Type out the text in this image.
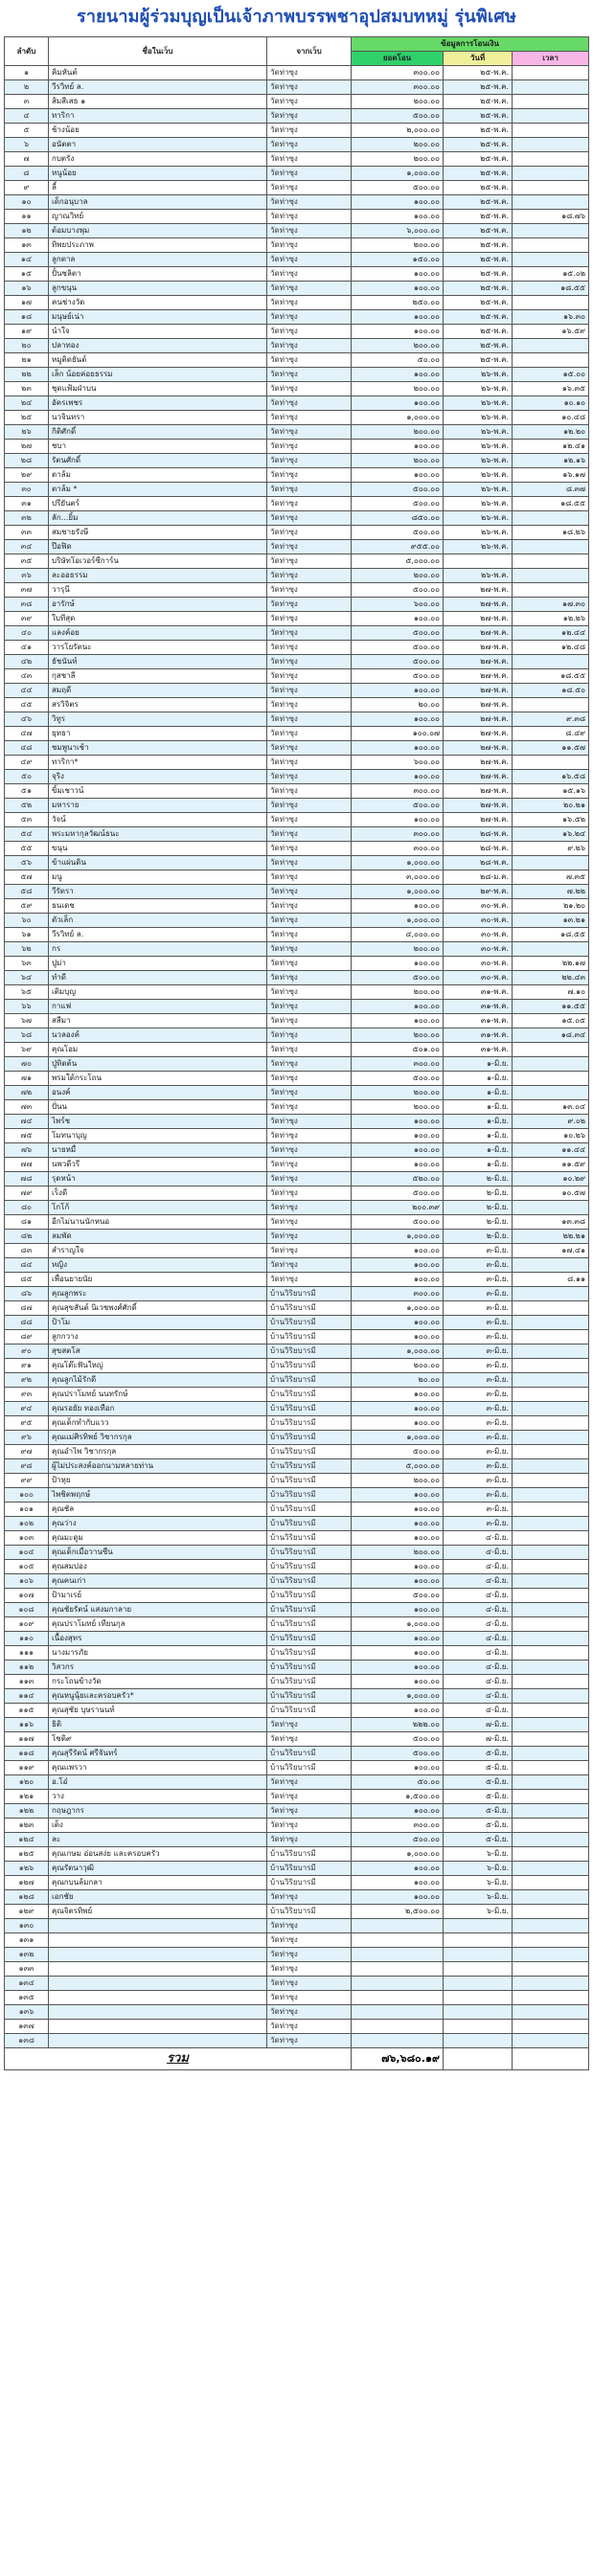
รายนามผู้ร่วมบุญเป็นเจ้าภาพบรรพชาอุปสมบทหมู่ รุ่นพิเศษ
ลำดับ	ชื่อในเว็บ	จากเว็บ	ข้อมูลการโอนเงิน		
			ยอดโอน	วันที่	เวลา
๑	คิมหันต์	วัดท่าซุง	๓๐๐.๐๐	๒๕-พ.ค.	
๒	วีรวิทย์ ล.	วัดท่าซุง	๓๐๐.๐๐	๒๕-พ.ค.	
๓	ส้มสีเสธ ๑	วัดท่าซุง	๒๐๐.๐๐	๒๕-พ.ค.	
๔	ทาริกา	วัดท่าซุง	๕๐๐.๐๐	๒๕-พ.ค.	
๕	ช้างน้อย	วัดท่าซุง	๒,๐๐๐.๐๐	๒๕-พ.ค.	
๖	อนัตตา	วัดท่าซุง	๒๐๐.๐๐	๒๕-พ.ค.	
๗	กบตรัง	วัดท่าซุง	๒๐๐.๐๐	๒๕-พ.ค.	
๘	หนูน้อย	วัดท่าซุง	๑,๐๐๐.๐๐	๒๕-พ.ค.	
๙	ลี้	วัดท่าซุง	๕๐๐.๐๐	๒๕-พ.ค.	
๑๐	เด็กอนุบาล	วัดท่าซุง	๑๐๐.๐๐	๒๕-พ.ค.	
๑๑	ญาณวิทย์	วัดท่าซุง	๑๐๐.๐๐	๒๕-พ.ค.	๑๘.๗๖
๑๒	ต้อมบางพุม	วัดท่าซุง	๖,๐๐๐.๐๐	๒๕-พ.ค.	
๑๓	ทิพยประภาพ	วัดท่าซุง	๒๐๐.๐๐	๒๕-พ.ค.	
๑๔	ลูกตาล	วัดท่าซุง	๑๕๐.๐๐	๒๕-พ.ค.	
๑๕	ปั้นชลิตา	วัดท่าซุง	๑๐๐.๐๐	๒๕-พ.ค.	๑๕.๐๒
๑๖	ลูกขนุน	วัดท่าซุง	๑๐๐.๐๐	๒๕-พ.ค.	๑๘.๕๕
๑๗	คนช่างวัด	วัดท่าซุง	๒๕๐.๐๐	๒๕-พ.ค.	
๑๘	มนุษย์เน่า	วัดท่าซุง	๑๐๐.๐๐	๒๕-พ.ค.	๑๖.๓๐
๑๙	นำใจ	วัดท่าซุง	๑๐๐.๐๐	๒๕-พ.ค.	๑๖.๕๙
๒๐	ปลาทอง	วัดท่าซุง	๒๐๐.๐๐	๒๕-พ.ค.	
๒๑	หมูติดยันต์	วัดท่าซุง	๕๐.๐๐	๒๕-พ.ค.	
๒๒	เล็ก น้อยค่อยธรรม	วัดท่าซุง	๑๐๐.๐๐	๒๖-พ.ค.	๑๕.๐๐
๒๓	ชุดแฟ้มฝ่าบน	วัดท่าซุง	๒๐๐.๐๐	๒๖-พ.ค.	๑๖.๓๕
๒๔	อัครเพชร	วัดท่าซุง	๑๐๐.๐๐	๒๖-พ.ค.	๑๐.๑๐
๒๕	นวจินทรา	วัดท่าซุง	๑,๐๐๐.๐๐	๒๖-พ.ค.	๑๐.๔๘
๒๖	กิติศักดิ์	วัดท่าซุง	๒๐๐.๐๐	๒๖-พ.ค.	๑๒.๒๐
๒๗	ชบา	วัดท่าซุง	๑๐๐.๐๐	๒๖-พ.ค.	๑๒.๔๑
๒๘	รัตนศักดิ์	วัดท่าซุง	๒๐๐.๐๐	๒๖-พ.ค.	๑๒.๑๖
๒๙	ตาล้ม	วัดท่าซุง	๑๐๐.๐๐	๒๖-พ.ค.	๑๖.๑๗
๓๐	ตาล้ม *	วัดท่าซุง	๕๐๐.๐๐	๒๖-พ.ค.	๘.๓๗
๓๑	ปรียันตร์	วัดท่าซุง	๕๐๐.๐๐	๒๖-พ.ค.	๑๘.๕๕
๓๒	ลัก...ยิ้ม	วัดท่าซุง	๘๕๐.๐๐	๒๖-พ.ค.	
๓๓	สมชายรังษี	วัดท่าซุง	๕๐๐.๐๐	๒๖-พ.ค.	๑๘.๒๖
๓๔	ป๊อฟิด	วัดท่าซุง	๙๕๕.๐๐	๒๖-พ.ค.	
๓๕	บริษัทโอเวอร์ซีการ์น	วัดท่าซุง	๕,๐๐๐.๐๐		
๓๖	ละออธรรม	วัดท่าซุง	๒๐๐.๐๐	๒๖-พ.ค.	
๓๗	วารุนี	วัดท่าซุง	๕๐๐.๐๐	๒๗-พ.ค.	
๓๘	อารักษ์	วัดท่าซุง	๖๐๐.๐๐	๒๗-พ.ค.	๑๗.๓๐
๓๙	ใบทีสุด	วัดท่าซุง	๑๐๐.๐๐	๒๗-พ.ค.	๑๒.๒๖
๔๐	แลงค์อย	วัดท่าซุง	๕๐๐.๐๐	๒๗-พ.ค.	๑๒.๔๔
๔๑	วารโยรัตนะ	วัดท่าซุง	๕๐๐.๐๐	๒๗-พ.ค.	๑๒.๔๘
๔๒	ธัชนันท์	วัดท่าซุง	๕๐๐.๐๐	๒๗-พ.ค.	
๔๓	กุสชาลี	วัดท่าซุง	๕๐๐.๐๐	๒๗-พ.ค.	๑๘.๕๕
๔๔	สมฤดี	วัดท่าซุง	๑๐๐.๐๐	๒๗-พ.ค.	๑๘.๕๐
๔๕	สรวิจิตร	วัดท่าซุง	๒๐.๐๐	๒๗-พ.ค.	
๔๖	วิทูร	วัดท่าซุง	๑๐๐.๐๐	๒๗-พ.ค.	๙.๓๘
๔๗	ยุทธา	วัดท่าซุง	๑๐๐.๐๗	๒๗-พ.ค.	๘.๔๙
๔๘	ชมพูนาเช้า	วัดท่าซุง	๑๐๐.๐๐	๒๗-พ.ค.	๑๑.๕๗
๔๙	ทาริกา*	วัดท่าซุง	๖๐๐.๐๐	๒๗-พ.ค.	
๕๐	จุริง	วัดท่าซุง	๑๐๐.๐๐	๒๗-พ.ค.	๑๖.๕๘
๕๑	ขิ้มเชาวน์	วัดท่าซุง	๓๐๐.๐๐	๒๗-พ.ค.	๑๕.๑๖
๕๒	มหาราย	วัดท่าซุง	๕๐๐.๐๐	๒๗-พ.ค.	๒๐.๒๑
๕๓	วัจน์	วัดท่าซุง	๑๐๐.๐๐	๒๗-พ.ค.	๑๖.๕๒
๕๔	พระมหากุลวัฒน์ธนะ	วัดท่าซุง	๓๐๐.๐๐	๒๘-พ.ค.	๑๖.๒๔
๕๕	ขนุน	วัดท่าซุง	๓๐๐.๐๐	๒๘-พ.ค.	๙.๒๖
๕๖	ข้าแผ่นดิน	วัดท่าซุง	๑,๐๐๐.๐๐	๒๘-พ.ค.	
๕๗	มนู	วัดท่าซุง	๓,๐๐๐.๐๐	๒๘-ม.ค.	๗.๓๕
๕๘	วีรัตรา	วัดท่าซุง	๑,๐๐๐.๐๐	๒๙-พ.ค.	๗.๒๒
๕๙	ธนเดช	วัดท่าซุง	๑๐๐.๐๐	๓๐-พ.ค.	๒๑.๒๐
๖๐	ตัวเล็ก	วัดท่าซุง	๑,๐๐๐.๐๐	๓๐-พ.ค.	๑๓.๒๑
๖๑	วีรวิทย์ ล.	วัดท่าซุง	๔,๐๐๐.๐๐	๓๐-พ.ค.	๑๘.๕๕
๖๒	กร	วัดท่าซุง	๒๐๐.๐๐	๓๐-พ.ค.	
๖๓	ปูม่า	วัดท่าซุง	๑๐๐.๐๐	๓๐-พ.ค.	๒๒.๑๗
๖๔	ทำดี	วัดท่าซุง	๕๐๐.๐๐	๓๐-พ.ค.	๒๒.๔๓
๖๕	เติมบุญ	วัดท่าซุง	๒๐๐.๐๐	๓๑-พ.ค.	๗.๑๐
๖๖	กาแฟ	วัดท่าซุง	๑๐๐.๐๐	๓๑-พ.ค.	๑๑.๕๕
๖๗	สสีมา	วัดท่าซุง	๑๐๐.๐๐	๓๑-พ.ค.	๑๕.๐๕
๖๘	นวลองค์	วัดท่าซุง	๒๐๐.๐๐	๓๑-พ.ค.	๑๘.๓๔
๖๙	คุณโอม	วัดท่าซุง	๕๐๑.๐๐	๓๑-พ.ค.	
๗๐	ปู่ทิดต้น	วัดท่าซุง	๓๐๐.๐๐	๑-มิ.ย.	
๗๑	พรมใต้กระโถน	วัดท่าซุง	๕๐๐.๐๐	๑-มิ.ย.	
๗๒	อนงค์	วัดท่าซุง	๒๐๐.๐๐	๑-มิ.ย.	
๗๓	ปั่นน	วัดท่าซุง	๒๐๐.๐๐	๑-มิ.ย.	๑๓.๐๔
๗๔	ไพร์ช	วัดท่าซุง	๑๐๐.๐๐	๑-มิ.ย.	๙.๐๒
๗๕	โมทนาบุญ	วัดท่าซุง	๑๐๐.๐๐	๑-มิ.ย.	๑๐.๒๖
๗๖	นายหมื่	วัดท่าซุง	๑๐๐.๐๐	๑-มิ.ย.	๑๑.๔๔
๗๗	นพวดีวรี	วัดท่าซุง	๑๐๐.๐๐	๑-มิ.ย.	๑๑.๕๙
๗๘	รุดหน้า	วัดท่าซุง	๕๒๐.๐๐	๒-มิ.ย.	๑๐.๒๙
๗๙	เร็งดี	วัดท่าซุง	๕๐๐.๐๐	๒-มิ.ย.	๑๐.๕๗
๘๐	โกโก้	วัดท่าซุง	๒๐๐.๓๙	๒-มิ.ย.	
๘๑	อีกไม่นานนักหนอ	วัดท่าซุง	๕๐๐.๐๐	๒-มิ.ย.	๑๓.๓๘
๘๒	ลมพัด	วัดท่าซุง	๑,๐๐๐.๐๐	๒-มิ.ย.	๒๒.๒๑
๘๓	สำราญใจ	วัดท่าซุง	๑๐๐.๐๐	๓-มิ.ย.	๑๗.๔๑
๘๔	หญิง	วัดท่าซุง	๑๐๐.๐๐	๓-มิ.ย.	
๘๕	เพื่อนยายนัย	วัดท่าซุง	๑๐๐.๐๐	๓-มิ.ย.	๘.๑๑
๘๖	คุณลูกพระ	บ้านวิริยบารมี	๓๐๐.๐๐	๓-มิ.ย.	
๘๗	คุณสุขสันต์ นิเวชพงศ์ศักดิ์	บ้านวิริยบารมี	๑,๐๐๐.๐๐	๓-มิ.ย.	
๘๘	ป้าโม	บ้านวิริยบารมี	๑๐๐.๐๐	๓-มิ.ย.	
๘๙	ลูกกวาง	บ้านวิริยบารมี	๑๐๐.๐๐	๓-มิ.ย.	
๙๐	สุขสตโส	บ้านวิริยบารมี	๑,๐๐๐.๐๐	๓-มิ.ย.	
๙๑	คุณโต๊ะฟันใหญ่	บ้านวิริยบารมี	๒๐๐.๐๐	๓-มิ.ย.	
๙๒	คุณลูกไม้รักดี	บ้านวิริยบารมี	๒๐.๐๐	๓-มิ.ย.	
๙๓	คุณปราโมทย์ นนทรักษ์	บ้านวิริยบารมี	๑๐๐.๐๐	๓-มิ.ย.	
๙๔	คุณรอยัย ทองเทือก	บ้านวิริยบารมี	๑๐๐.๐๐	๓-มิ.ย.	
๙๕	คุณเด็กทำกับแวว	บ้านวิริยบารมี	๑๐๐.๐๐	๓-มิ.ย.	
๙๖	คุณแม่ศิรทิพย์ วิชากรกุล	บ้านวิริยบารมี	๑,๐๐๐.๐๐	๓-มิ.ย.	
๙๗	คุณอำไพ วิชากรกุล	บ้านวิริยบารมี	๕๐๐.๐๐	๓-มิ.ย.	
๙๘	ผู้ไม่ประสงค์ออกนามหลายท่าน	บ้านวิริยบารมี	๕,๐๐๐.๐๐	๓-มิ.ย.	
๙๙	ป้าหุย	บ้านวิริยบารมี	๒๐๐.๐๐	๓-มิ.ย.	
๑๐๐	ไพชิตพฤกษ์	บ้านวิริยบารมี	๑๐๐.๐๐	๓-มิ.ย.	
๑๐๑	คุณชัล	บ้านวิริยบารมี	๑๐๐.๐๐	๓-มิ.ย.	
๑๐๒	คุณว่าง	บ้านวิริยบารมี	๑๐๐.๐๐	๓-มิ.ย.	
๑๐๓	คุณมะดูม	บ้านวิริยบารมี	๑๐๐.๐๐	๔-มิ.ย.	
๑๐๔	คุณเด็กเมื่อวานซืน	บ้านวิริยบารมี	๒๐๐.๐๐	๔-มิ.ย.	
๑๐๕	คุณสมปอง	บ้านวิริยบารมี	๑๐๐.๐๐	๔-มิ.ย.	
๑๐๖	คุณคนเก่า	บ้านวิริยบารมี	๑๐๐.๐๐	๔-มิ.ย.	
๑๐๗	ป้ามาเรย์	บ้านวิริยบารมี	๕๐๐.๐๐	๔-มิ.ย.	
๑๐๘	คุณชัยรัตน์ แสงมกาลาย	บ้านวิริยบารมี	๑๐๐.๐๐	๔-มิ.ย.	
๑๐๙	คุณปราโมทย์ เทียนกุล	บ้านวิริยบารมี	๑,๐๐๐.๐๐	๔-มิ.ย.	
๑๑๐	เนื้องสุทร	บ้านวิริยบารมี	๑๐๐.๐๐	๔-มิ.ย.	
๑๑๑	นางมารภัย	บ้านวิริยบารมี	๑๐๐.๐๐	๔-มิ.ย.	
๑๑๒	วิสวกร	บ้านวิริยบารมี	๑๐๐.๐๐	๔-มิ.ย.	
๑๑๓	กระโถนข้างวัด	บ้านวิริยบารมี	๑๐๐.๐๐	๔-มิ.ย.	
๑๑๔	คุณหนูนุ้ยและครอบครัว*	บ้านวิริยบารมี	๑,๐๐๐.๐๐	๔-มิ.ย.	
๑๑๕	คุณสุชัย บุษรานนท์	บ้านวิริยบารมี	๑๐๐.๐๐	๔-มิ.ย.	
๑๑๖	ธิติ	วัดท่าซุง	๒๒๒.๐๐	๗-มิ.ย.	
๑๑๗	โชติ๙	วัดท่าซุง	๕๐๐.๐๐	๗-มิ.ย.	
๑๑๘	คุณสุรีรัตน์ ศรีจันทร์	บ้านวิริยบารมี	๕๐๐.๐๐	๕-มิ.ย.	
๑๑๙	คุณแพรวา	บ้านวิริยบารมี	๑๐๐.๐๐	๕-มิ.ย.	
๑๒๐	อ.โอ๋	วัดท่าซุง	๕๐.๐๐	๕-มิ.ย.	
๑๒๑	วาง	วัดท่าซุง	๑,๕๐๐.๐๐	๕-มิ.ย.	
๑๒๒	กฤษฎากร	วัดท่าซุง	๑๐๐.๐๐	๕-มิ.ย.	
๑๒๓	เต็ง	วัดท่าซุง	๓๐๐.๐๐	๕-มิ.ย.	
๑๒๔	ละ	วัดท่าซุง	๕๐๐.๐๐	๕-มิ.ย.	
๑๒๕	คุณเกษม อ่อนสง่ย และครอบครัว	บ้านวิริยบารมี	๑,๐๐๐.๐๐	๖-มิ.ย.	
๑๒๖	คุณรัตนาวุฒิ	บ้านวิริยบารมี	๑๐๐.๐๐	๖-มิ.ย.	
๑๒๗	คุณกบนล้มกลา	บ้านวิริยบารมี	๑๐๐.๐๐	๖-มิ.ย.	
๑๒๘	เอกชัย	วัดท่าซุง	๑๐๐.๐๐	๖-มิ.ย.	
๑๒๙	คุณจิตรทิพย์	บ้านวิริยบารมี	๒,๕๐๐.๐๐	๖-มิ.ย.	
๑๓๐		วัดท่าซุง			
๑๓๑		วัดท่าซุง			
๑๓๒		วัดท่าซุง			
๑๓๓		วัดท่าซุง			
๑๓๔		วัดท่าซุง			
๑๓๕		วัดท่าซุง			
๑๓๖		วัดท่าซุง			
๑๓๗		วัดท่าซุง			
๑๓๘		วัดท่าซุง			
รวม			๗๖,๖๘๐.๑๙		
